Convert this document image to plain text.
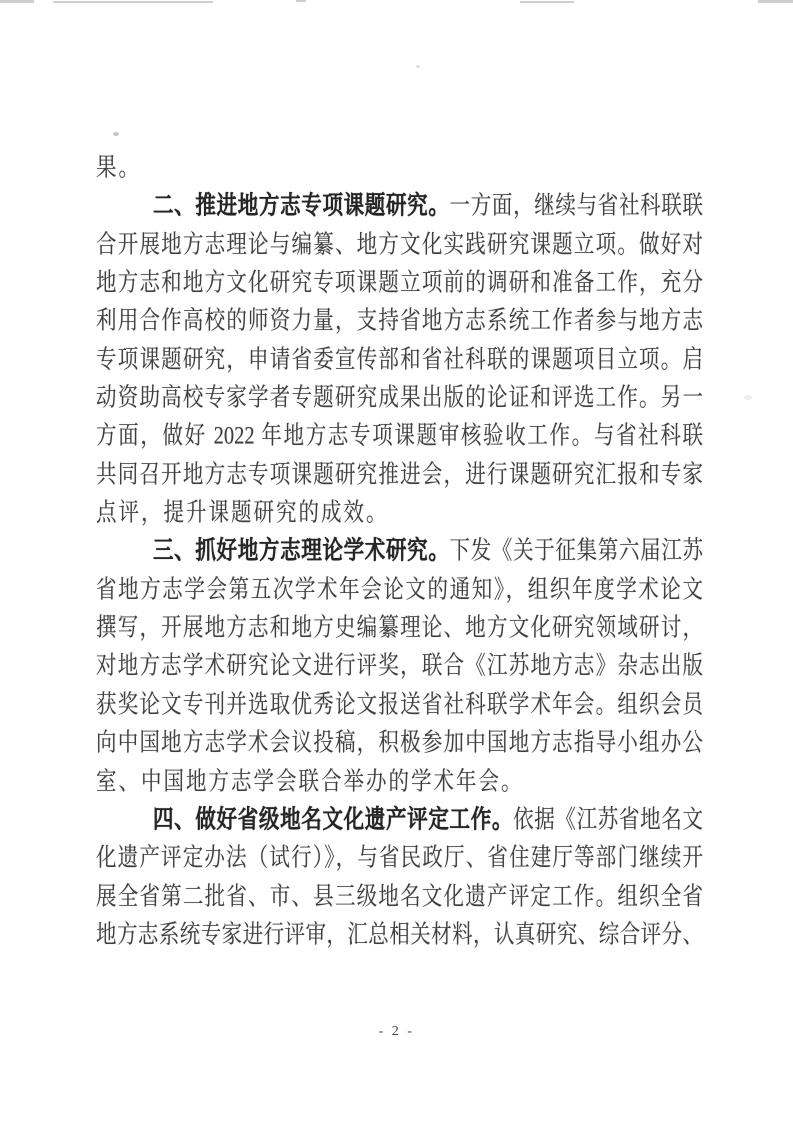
果。
二、推进地方志专项课题研究。一方面，继续与省社科联联
合开展地方志理论与编纂、地方文化实践研究课题立项。做好对
地方志和地方文化研究专项课题立项前的调研和准备工作，充分
利用合作高校的师资力量，支持省地方志系统工作者参与地方志
专项课题研究，申请省委宣传部和省社科联的课题项目立项。启
动资助高校专家学者专题研究成果出版的论证和评选工作。另一
方面，做好 2022 年地方志专项课题审核验收工作。与省社科联
共同召开地方志专项课题研究推进会，进行课题研究汇报和专家
点评，提升课题研究的成效。
三、抓好地方志理论学术研究。下发《关于征集第六届江苏
省地方志学会第五次学术年会论文的通知》，组织年度学术论文
撰写，开展地方志和地方史编纂理论、地方文化研究领域研讨，
对地方志学术研究论文进行评奖，联合《江苏地方志》杂志出版
获奖论文专刊并选取优秀论文报送省社科联学术年会。组织会员
向中国地方志学术会议投稿，积极参加中国地方志指导小组办公
室、中国地方志学会联合举办的学术年会。
四、做好省级地名文化遗产评定工作。依据《江苏省地名文
化遗产评定办法（试行）》，与省民政厅、省住建厅等部门继续开
展全省第二批省、市、县三级地名文化遗产评定工作。组织全省
地方志系统专家进行评审，汇总相关材料，认真研究、综合评分、
- 2 -
